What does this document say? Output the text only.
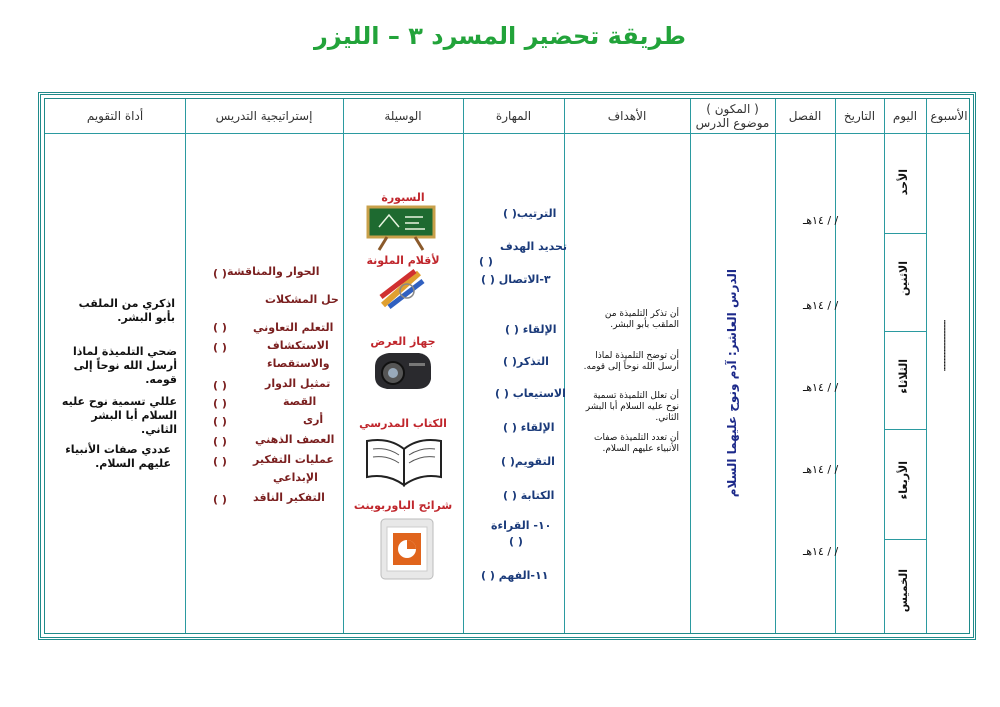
طريقة تحضير المسرد ٣ – الليزر
الأسبوع
اليوم
التاريخ
الفصل
( المكون )
موضوع الدرس
الأهداف
المهارة
الوسيلة
إستراتيجية التدريس
أداة التقويم
..................................
الأحد
الاثنين
الثلاثاء
الأربعاء
الخميس
/ / ١٤هـ
/ / ١٤هـ
/ / ١٤هـ
/ / ١٤هـ
/ / ١٤هـ
الدرس العاشر: آدم ونوح عليهما السلام
أن تذكر التلميذة من الملقب بأبو البشر.
أن توضح التلميذة لماذا أرسل الله نوحاً إلى قومه.
أن تعلل التلميذة تسمية نوح عليه السلام أبا البشر الثاني.
أن تعدد التلميذة صفات الأنبياء عليهم السلام.
الترتيب( )
تحديد الهدف
( )
٣-الاتصال ( )
الإلقاء ( )
التذكر( )
الاستيعاب ( )
الإلقاء ( )
التقويم( )
الكتابة ( )
١٠- القراءة
( )
١١-الفهم ( )
السبورة
لأقلام الملونة
جهاز العرض
الكتاب المدرسي
شرائح الباوربوينت
الحوار والمناقشة
حل المشكلات
التعلم التعاوني
الاستكشاف
والاستقصاء
تمثيل الدوار
القصة
أرى
العصف الذهني
عمليات التفكير
الإبداعي
التفكير الناقد
( )
( )
( )
( )
( )
( )
( )
( )
( )
اذكري من الملقب بأبو البشر.
ضحي التلميذة لماذا أرسل الله نوحاً إلى قومه.
عللي تسمية نوح عليه السلام أبا البشر الثاني.
عددي صفات الأنبياء عليهم السلام.
